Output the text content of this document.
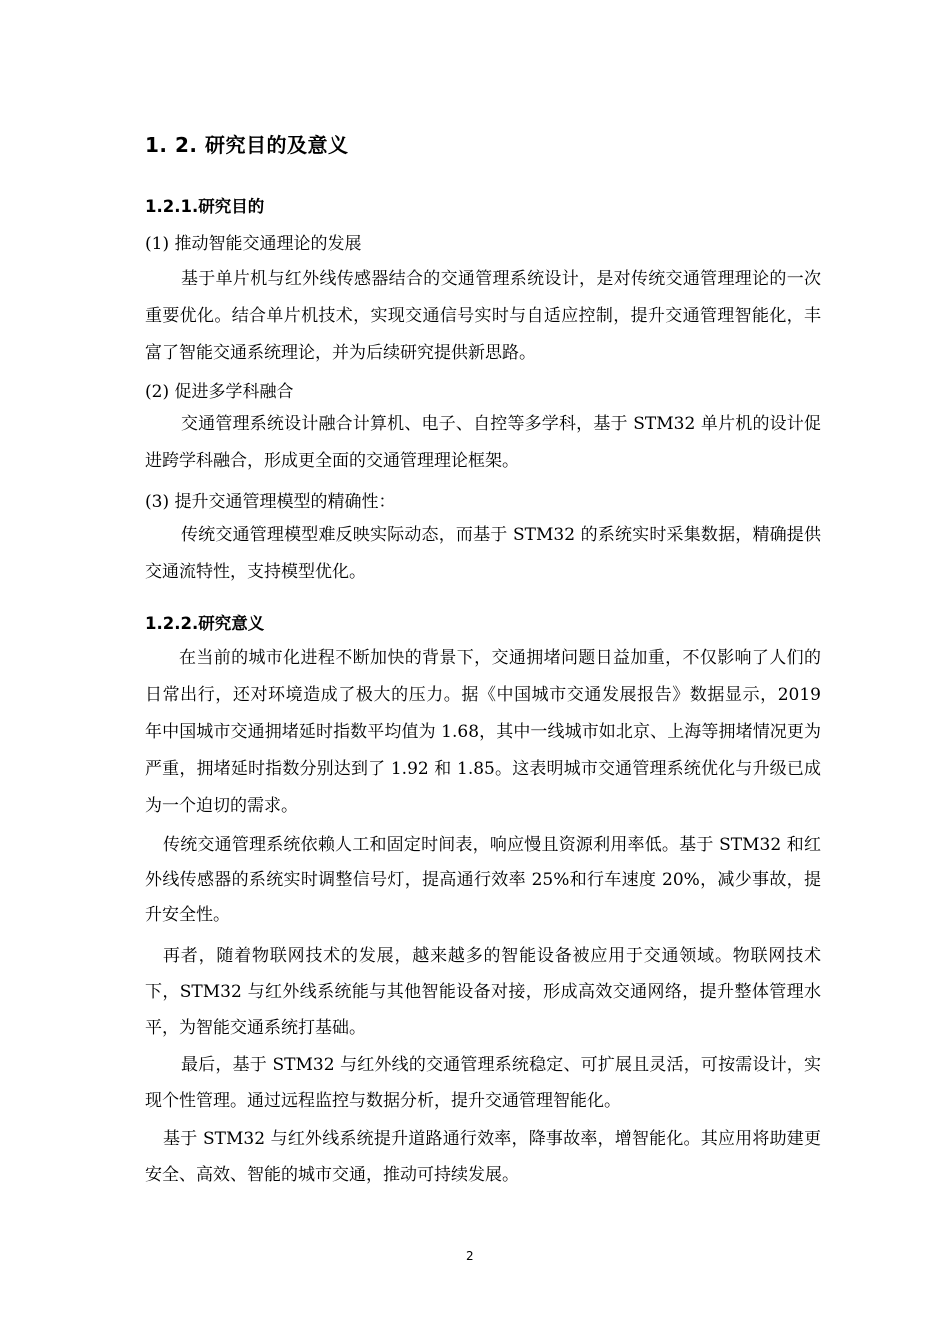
1. 2. 研究目的及意义
1.2.1.研究目的
(1) 推动智能交通理论的发展
基于单片机与红外线传感器结合的交通管理系统设计，是对传统交通管理理论的一次重要优化。结合单片机技术，实现交通信号实时与自适应控制，提升交通管理智能化，丰富了智能交通系统理论，并为后续研究提供新思路。
(2) 促进多学科融合
交通管理系统设计融合计算机、电子、自控等多学科，基于 STM32 单片机的设计促进跨学科融合，形成更全面的交通管理理论框架。
(3) 提升交通管理模型的精确性：
传统交通管理模型难反映实际动态，而基于 STM32 的系统实时采集数据，精确提供交通流特性，支持模型优化。
1.2.2.研究意义
在当前的城市化进程不断加快的背景下，交通拥堵问题日益加重，不仅影响了人们的日常出行，还对环境造成了极大的压力。据《中国城市交通发展报告》数据显示，2019 年中国城市交通拥堵延时指数平均值为 1.68，其中一线城市如北京、上海等拥堵情况更为严重，拥堵延时指数分别达到了 1.92 和 1.85。这表明城市交通管理系统优化与升级已成为一个迫切的需求。
传统交通管理系统依赖人工和固定时间表，响应慢且资源利用率低。基于 STM32 和红外线传感器的系统实时调整信号灯，提高通行效率 25%和行车速度 20%，减少事故，提升安全性。
再者，随着物联网技术的发展，越来越多的智能设备被应用于交通领域。物联网技术下，STM32 与红外线系统能与其他智能设备对接，形成高效交通网络，提升整体管理水平，为智能交通系统打基础。
最后，基于 STM32 与红外线的交通管理系统稳定、可扩展且灵活，可按需设计，实现个性管理。通过远程监控与数据分析，提升交通管理智能化。
基于 STM32 与红外线系统提升道路通行效率，降事故率，增智能化。其应用将助建更安全、高效、智能的城市交通，推动可持续发展。
2
